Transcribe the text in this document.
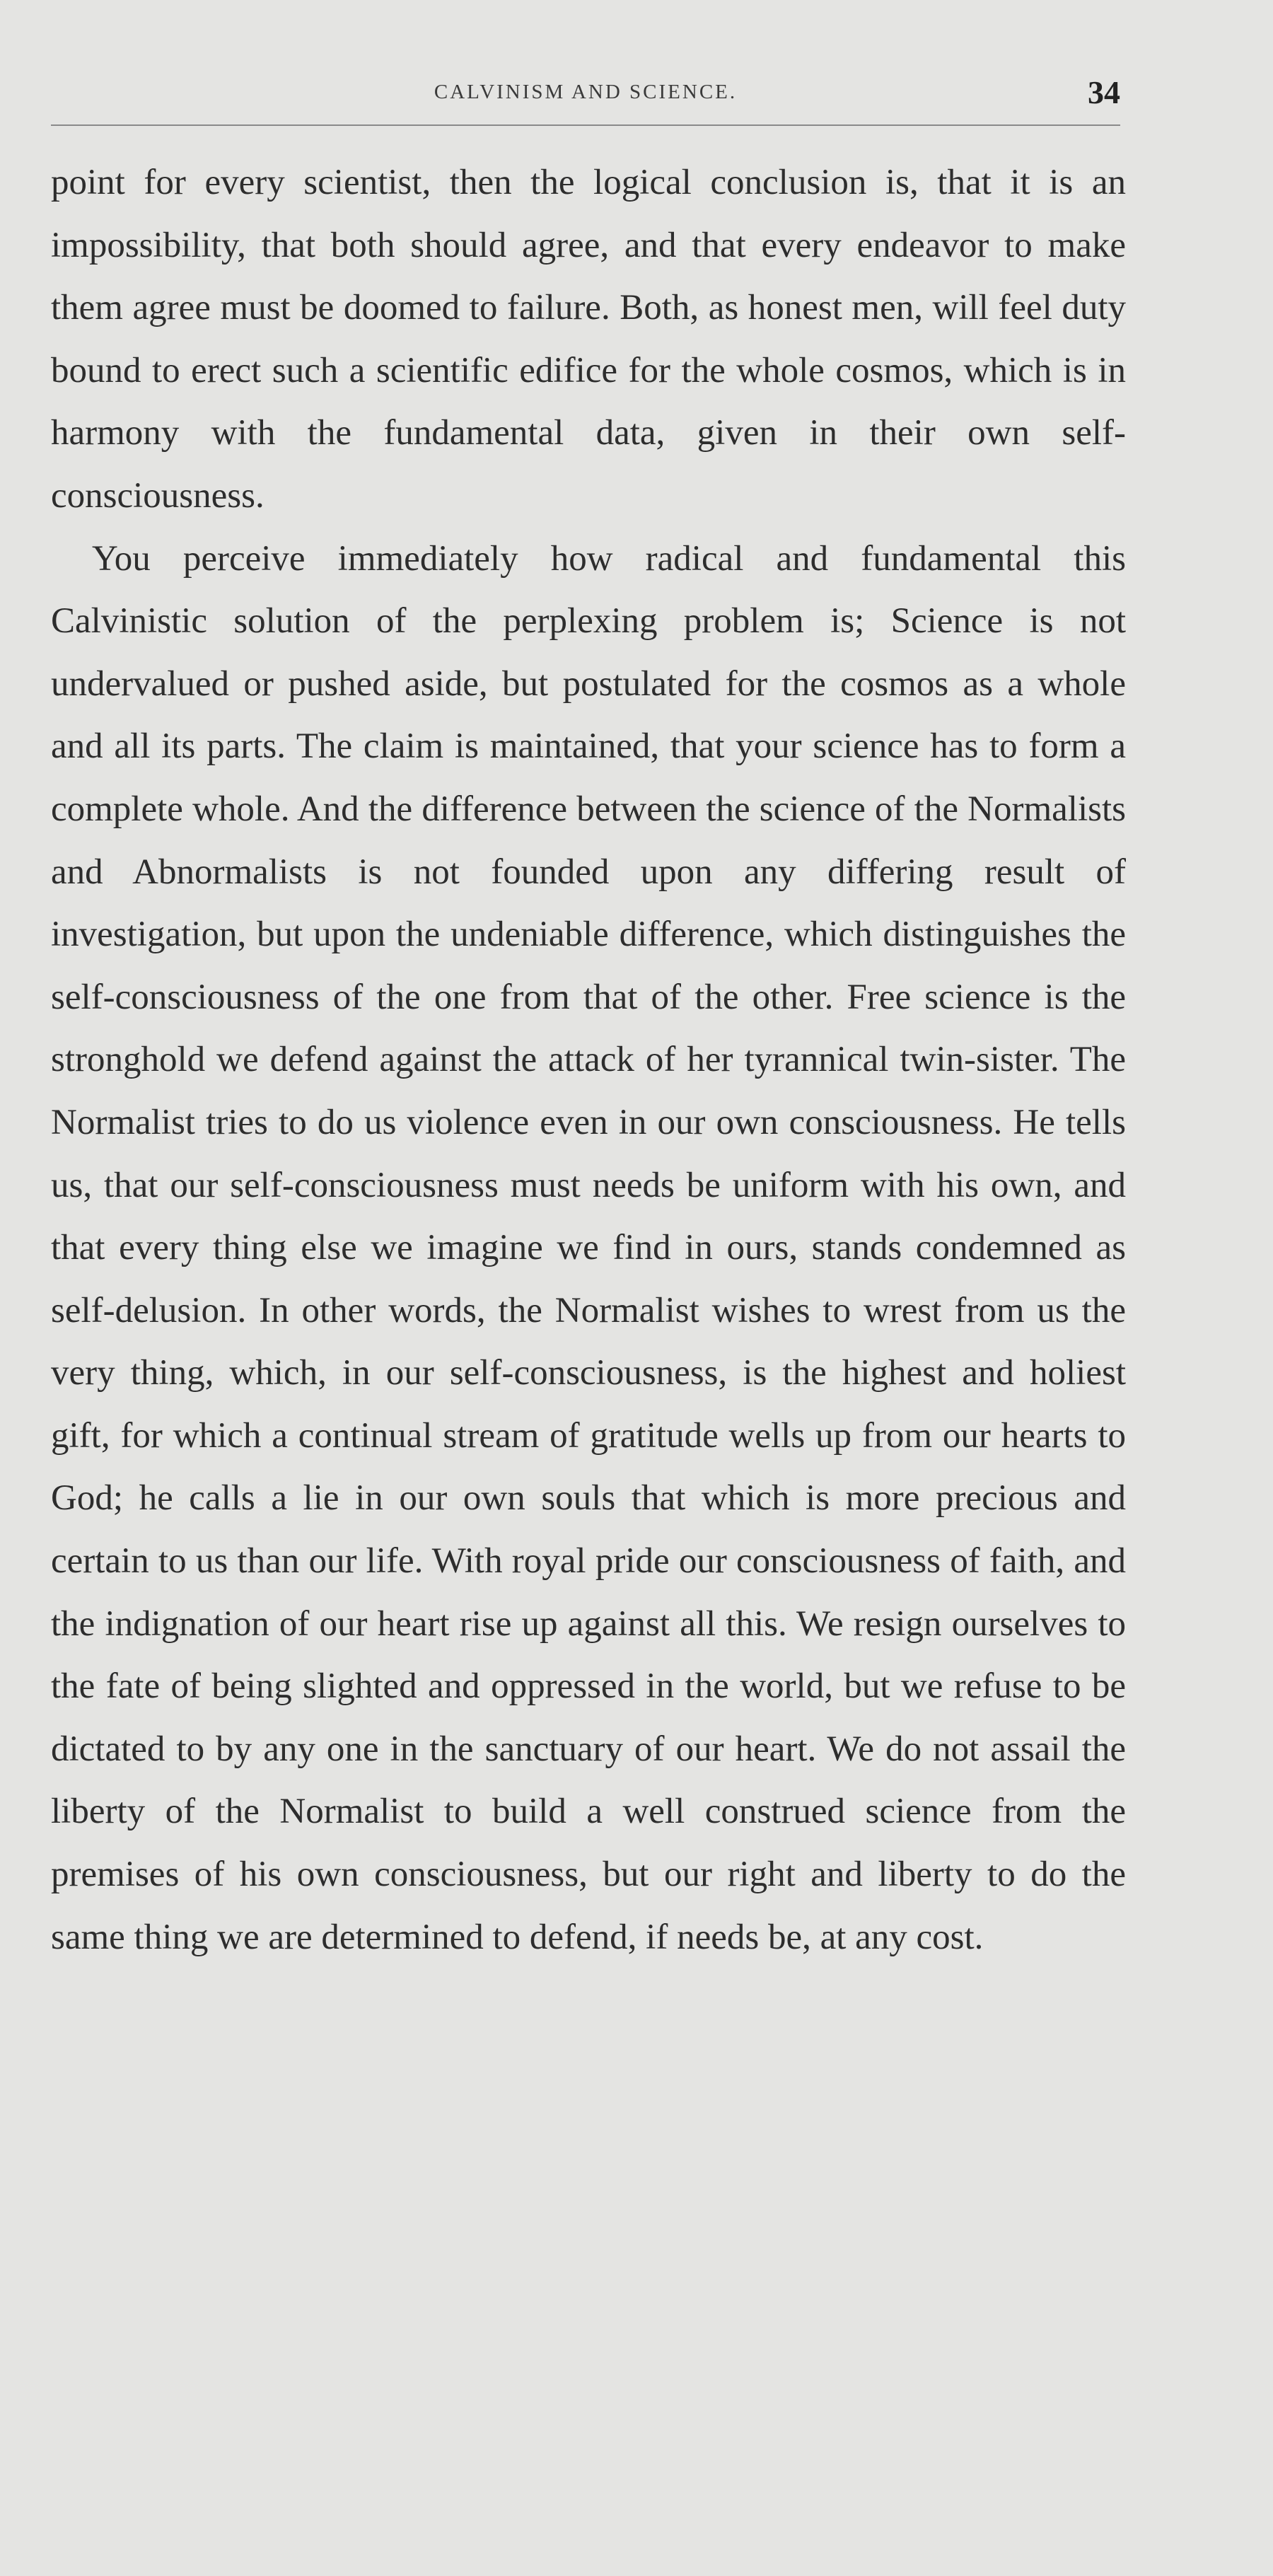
CALVINISM AND SCIENCE.	34

point for every scientist, then the logical conclusion is, that it is an impossibility, that both should agree, and that every endeavor to make them agree must be doomed to failure. Both, as honest men, will feel duty bound to erect such a scientific edifice for the whole cosmos, which is in harmony with the fundamental data, given in their own self-consciousness.

You perceive immediately how radical and fundamental this Calvinistic solution of the perplexing problem is; Science is not undervalued or pushed aside, but postulated for the cosmos as a whole and all its parts. The claim is maintained, that your science has to form a complete whole. And the difference between the science of the Normalists and Abnormalists is not founded upon any differing result of investigation, but upon the undeniable difference, which distinguishes the self-consciousness of the one from that of the other. Free science is the stronghold we defend against the attack of her tyrannical twin-sister. The Normalist tries to do us violence even in our own consciousness. He tells us, that our self-consciousness must needs be uniform with his own, and that every thing else we imagine we find in ours, stands condemned as self-delusion. In other words, the Normalist wishes to wrest from us the very thing, which, in our self-consciousness, is the highest and holiest gift, for which a continual stream of gratitude wells up from our hearts to God; he calls a lie in our own souls that which is more precious and certain to us than our life. With royal pride our consciousness of faith, and the indignation of our heart rise up against all this. We resign ourselves to the fate of being slighted and oppressed in the world, but we refuse to be dictated to by any one in the sanctuary of our heart. We do not assail the liberty of the Normalist to build a well construed science from the premises of his own consciousness, but our right and liberty to do the same thing we are determined to defend, if needs be, at any cost.
